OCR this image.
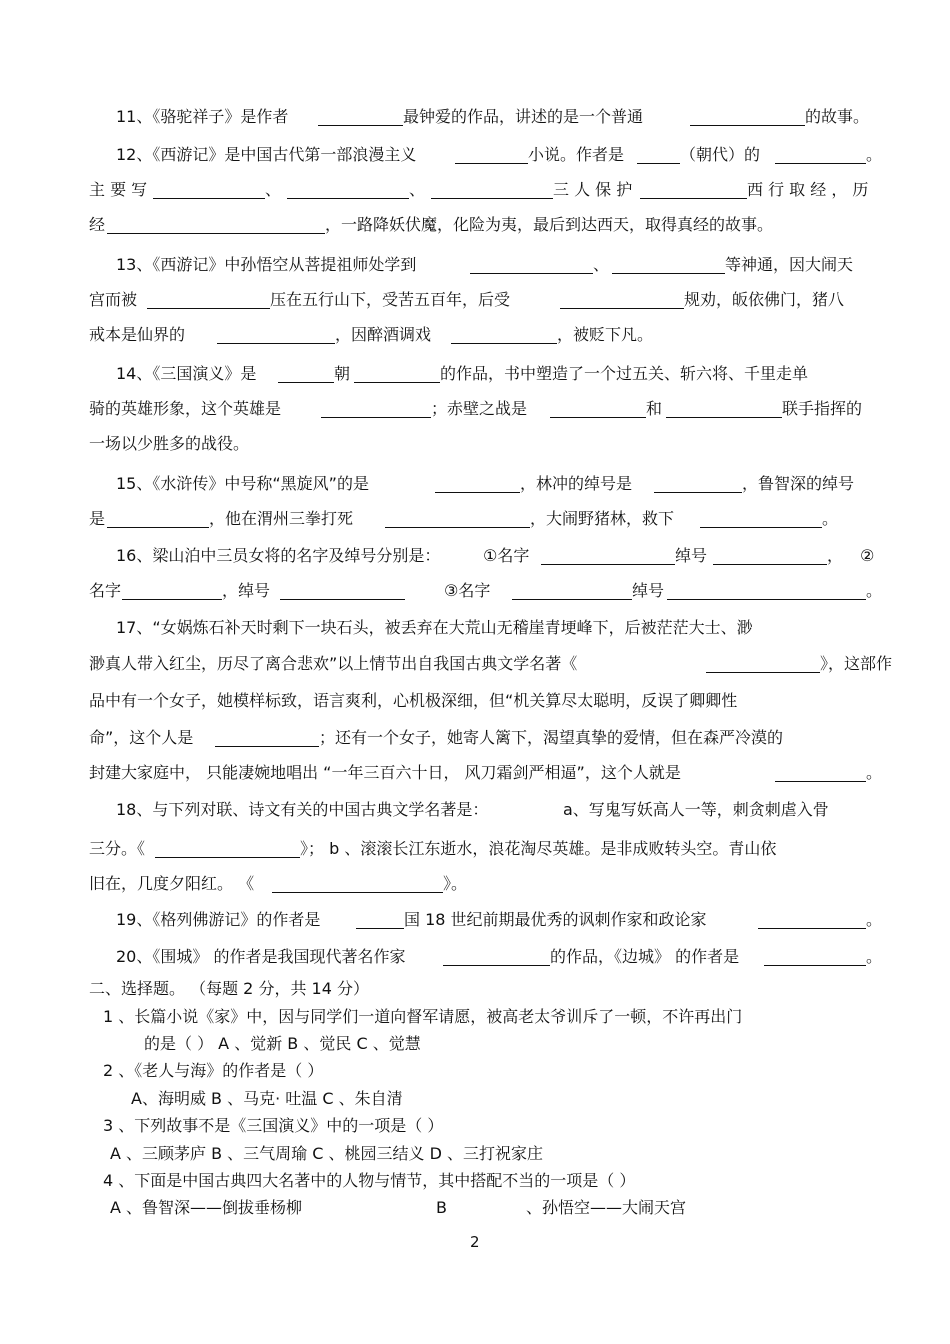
11、《骆驼祥子》是作者	最钟爱的作品，讲述的是一个普通	的故事。
12、《西游记》是中国古代第一部浪漫主义	小说。作者是	（朝代）的	。
主 要 写	、	、	三 人 保 护	西 行 取 经 ， 历
经	，一路降妖伏魔，化险为夷，最后到达西天，取得真经的故事。
13、《西游记》中孙悟空从菩提祖师处学到	、	等神通，因大闹天
宫而被	压在五行山下，受苦五百年，后受	规劝，皈依佛门，猪八
戒本是仙界的	，因醉酒调戏	，被贬下凡。
14、《三国演义》是	朝	的作品，书中塑造了一个过五关、斩六将、千里走单
骑的英雄形象，这个英雄是	；赤壁之战是	和	联手指挥的
一场以少胜多的战役。
15、《水浒传》中号称“黑旋风”的是	，林冲的绰号是	，鲁智深的绰号
是	，他在渭州三拳打死	，大闹野猪林，救下	。
16、梁山泊中三员女将的名字及绰号分别是：	①名字	绰号	， ②
名字	，绰号	③名字	绰号	。
17、“女娲炼石补天时剩下一块石头，被丢弃在大荒山无稽崖青埂峰下，后被茫茫大士、渺
渺真人带入红尘，历尽了离合悲欢”以上情节出自我国古典文学名著《	》，这部作
品中有一个女子，她模样标致，语言爽利，心机极深细，但“机关算尽太聪明，反误了卿卿性
命”，这个人是	；还有一个女子，她寄人篱下，渴望真挚的爱情，但在森严冷漠的
封建大家庭中， 只能凄婉地唱出 “一年三百六十日， 风刀霜剑严相逼”，这个人就是	。
18、与下列对联、诗文有关的中国古典文学名著是：	a、写鬼写妖高人一等，刺贪刺虐入骨
三分。《	》； b 、滚滚长江东逝水，浪花淘尽英雄。是非成败转头空。青山依
旧在，几度夕阳红。 《	》。
19、《格列佛游记》的作者是	国 18 世纪前期最优秀的讽刺作家和政论家	。
20、《围城》 的作者是我国现代著名作家	的作品，《边城》 的作者是	。
二、选择题。 （每题 2 分，共 14 分）
1 、长篇小说《家》中，因与同学们一道向督军请愿，被高老太爷训斥了一顿，不许再出门
的是（ ） A 、觉新 B 、觉民 C 、觉慧
2 、《老人与海》的作者是（ ）
A、海明威 B 、马克· 吐温 C 、朱自清
3 、下列故事不是《三国演义》中的一项是（ ）
A 、三顾茅庐 B 、三气周瑜 C 、桃园三结义 D 、三打祝家庄
4 、下面是中国古典四大名著中的人物与情节，其中搭配不当的一项是（ ）
A 、鲁智深——倒拔垂杨柳	B	、孙悟空——大闹天宫
2
